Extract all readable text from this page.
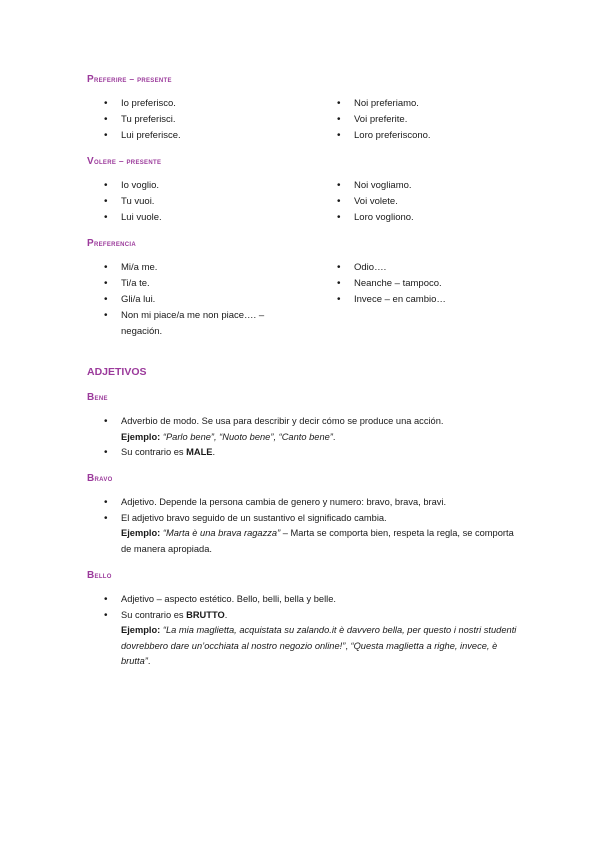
Preferire – presente
• Io preferisco.
• Tu preferisci.
• Lui preferisce.
• Noi preferiamo.
• Voi preferite.
• Loro preferiscono.
Volere – presente
• Io voglio.
• Tu vuoi.
• Lui vuole.
• Noi vogliamo.
• Voi volete.
• Loro vogliono.
Preferencia
• Mi/a me.
• Ti/a te.
• Gli/a lui.
• Non mi piace/a me non piace…. – negación.
• Odio….
• Neanche – tampoco.
• Invece – en cambio…
ADJETIVOS
Bene
• Adverbio de modo. Se usa para describir y decir cómo se produce una acción.
Ejemplo: “Parlo bene”, “Nuoto bene”, “Canto bene”.
• Su contrario es MALE.
Bravo
• Adjetivo. Depende la persona cambia de genero y numero: bravo, brava, bravi.
• El adjetivo bravo seguido de un sustantivo el significado cambia.
Ejemplo: “Marta è una brava ragazza” – Marta se comporta bien, respeta la regla, se comporta de manera apropiada.
Bello
• Adjetivo – aspecto estético. Bello, belli, bella y belle.
• Su contrario es BRUTTO.
Ejemplo: “La mia maglietta, acquistata su zalando.it è davvero bella, per questo i nostri studenti dovrebbero dare un’occhiata al nostro negozio online!”, “Questa maglietta a righe, invece, è brutta”.
